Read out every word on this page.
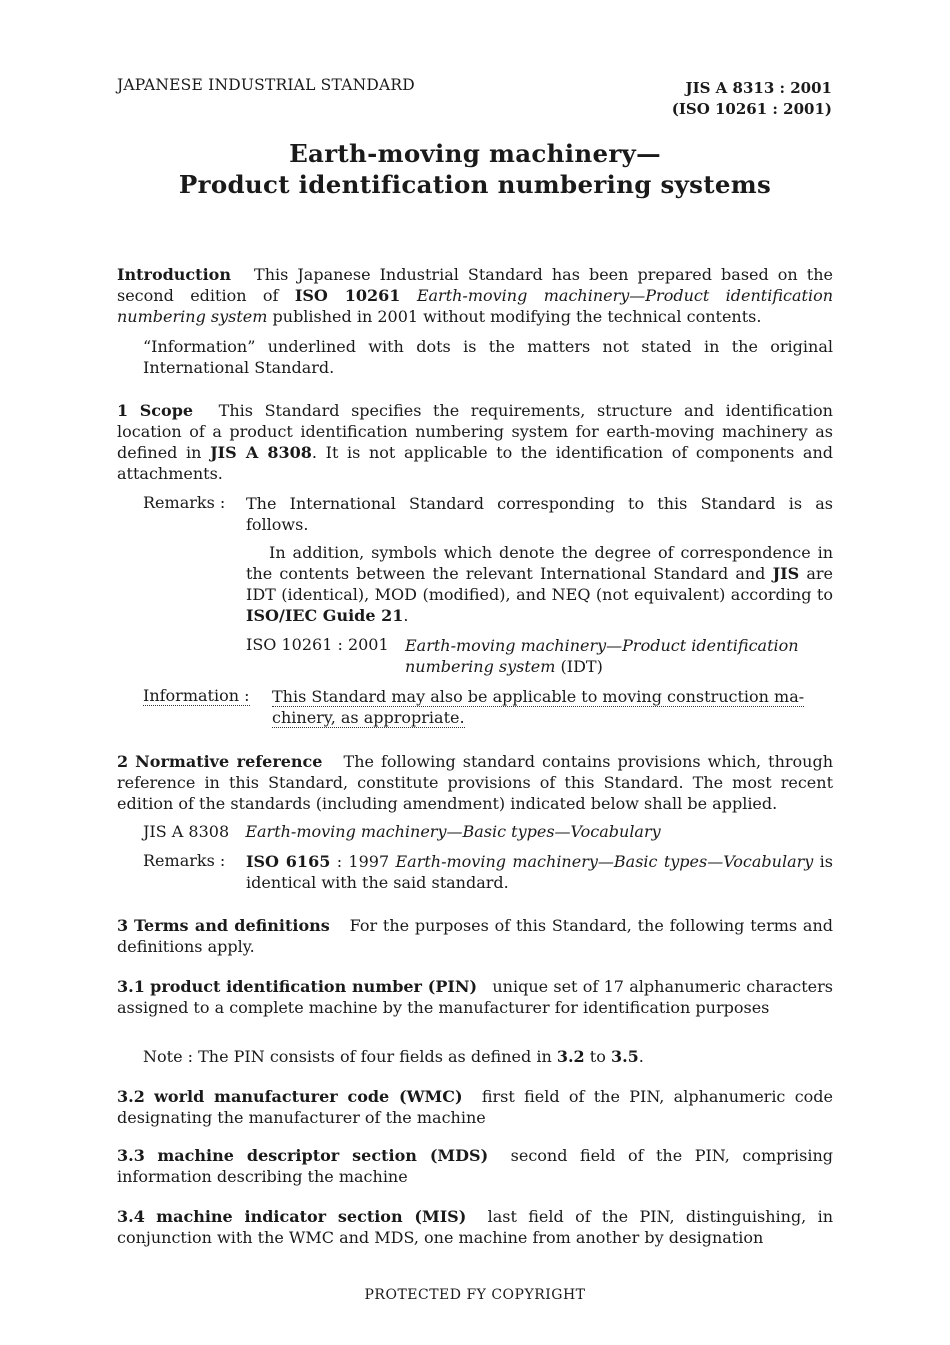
JAPANESE INDUSTRIAL STANDARD	JIS A 8313 : 2001
(ISO 10261 : 2001)
Earth-moving machinery—
Product identification numbering systems
Introduction This Japanese Industrial Standard has been prepared based on the second edition of ISO 10261 Earth-moving machinery—Product identification numbering system published in 2001 without modifying the technical contents.
“Information” underlined with dots is the matters not stated in the original International Standard.
1 Scope This Standard specifies the requirements, structure and identification location of a product identification numbering system for earth-moving machinery as defined in JIS A 8308. It is not applicable to the identification of components and attachments.
Remarks : The International Standard corresponding to this Standard is as follows.
In addition, symbols which denote the degree of correspondence in the contents between the relevant International Standard and JIS are IDT (identical), MOD (modified), and NEQ (not equivalent) according to ISO/IEC Guide 21.
ISO 10261 : 2001 Earth-moving machinery—Product identification numbering system (IDT)
Information : This Standard may also be applicable to moving construction ma-
chinery, as appropriate.
2 Normative reference The following standard contains provisions which, through reference in this Standard, constitute provisions of this Standard. The most recent edition of the standards (including amendment) indicated below shall be applied.
JIS A 8308 Earth-moving machinery—Basic types—Vocabulary
Remarks : ISO 6165 : 1997 Earth-moving machinery—Basic types—Vocabulary is identical with the said standard.
3 Terms and definitions For the purposes of this Standard, the following terms and definitions apply.
3.1 product identification number (PIN) unique set of 17 alphanumeric characters assigned to a complete machine by the manufacturer for identification purposes
Note : The PIN consists of four fields as defined in 3.2 to 3.5.
3.2 world manufacturer code (WMC) first field of the PIN, alphanumeric code designating the manufacturer of the machine
3.3 machine descriptor section (MDS) second field of the PIN, comprising information describing the machine
3.4 machine indicator section (MIS) last field of the PIN, distinguishing, in conjunction with the WMC and MDS, one machine from another by designation
PROTECTED FY COPYRIGHT
